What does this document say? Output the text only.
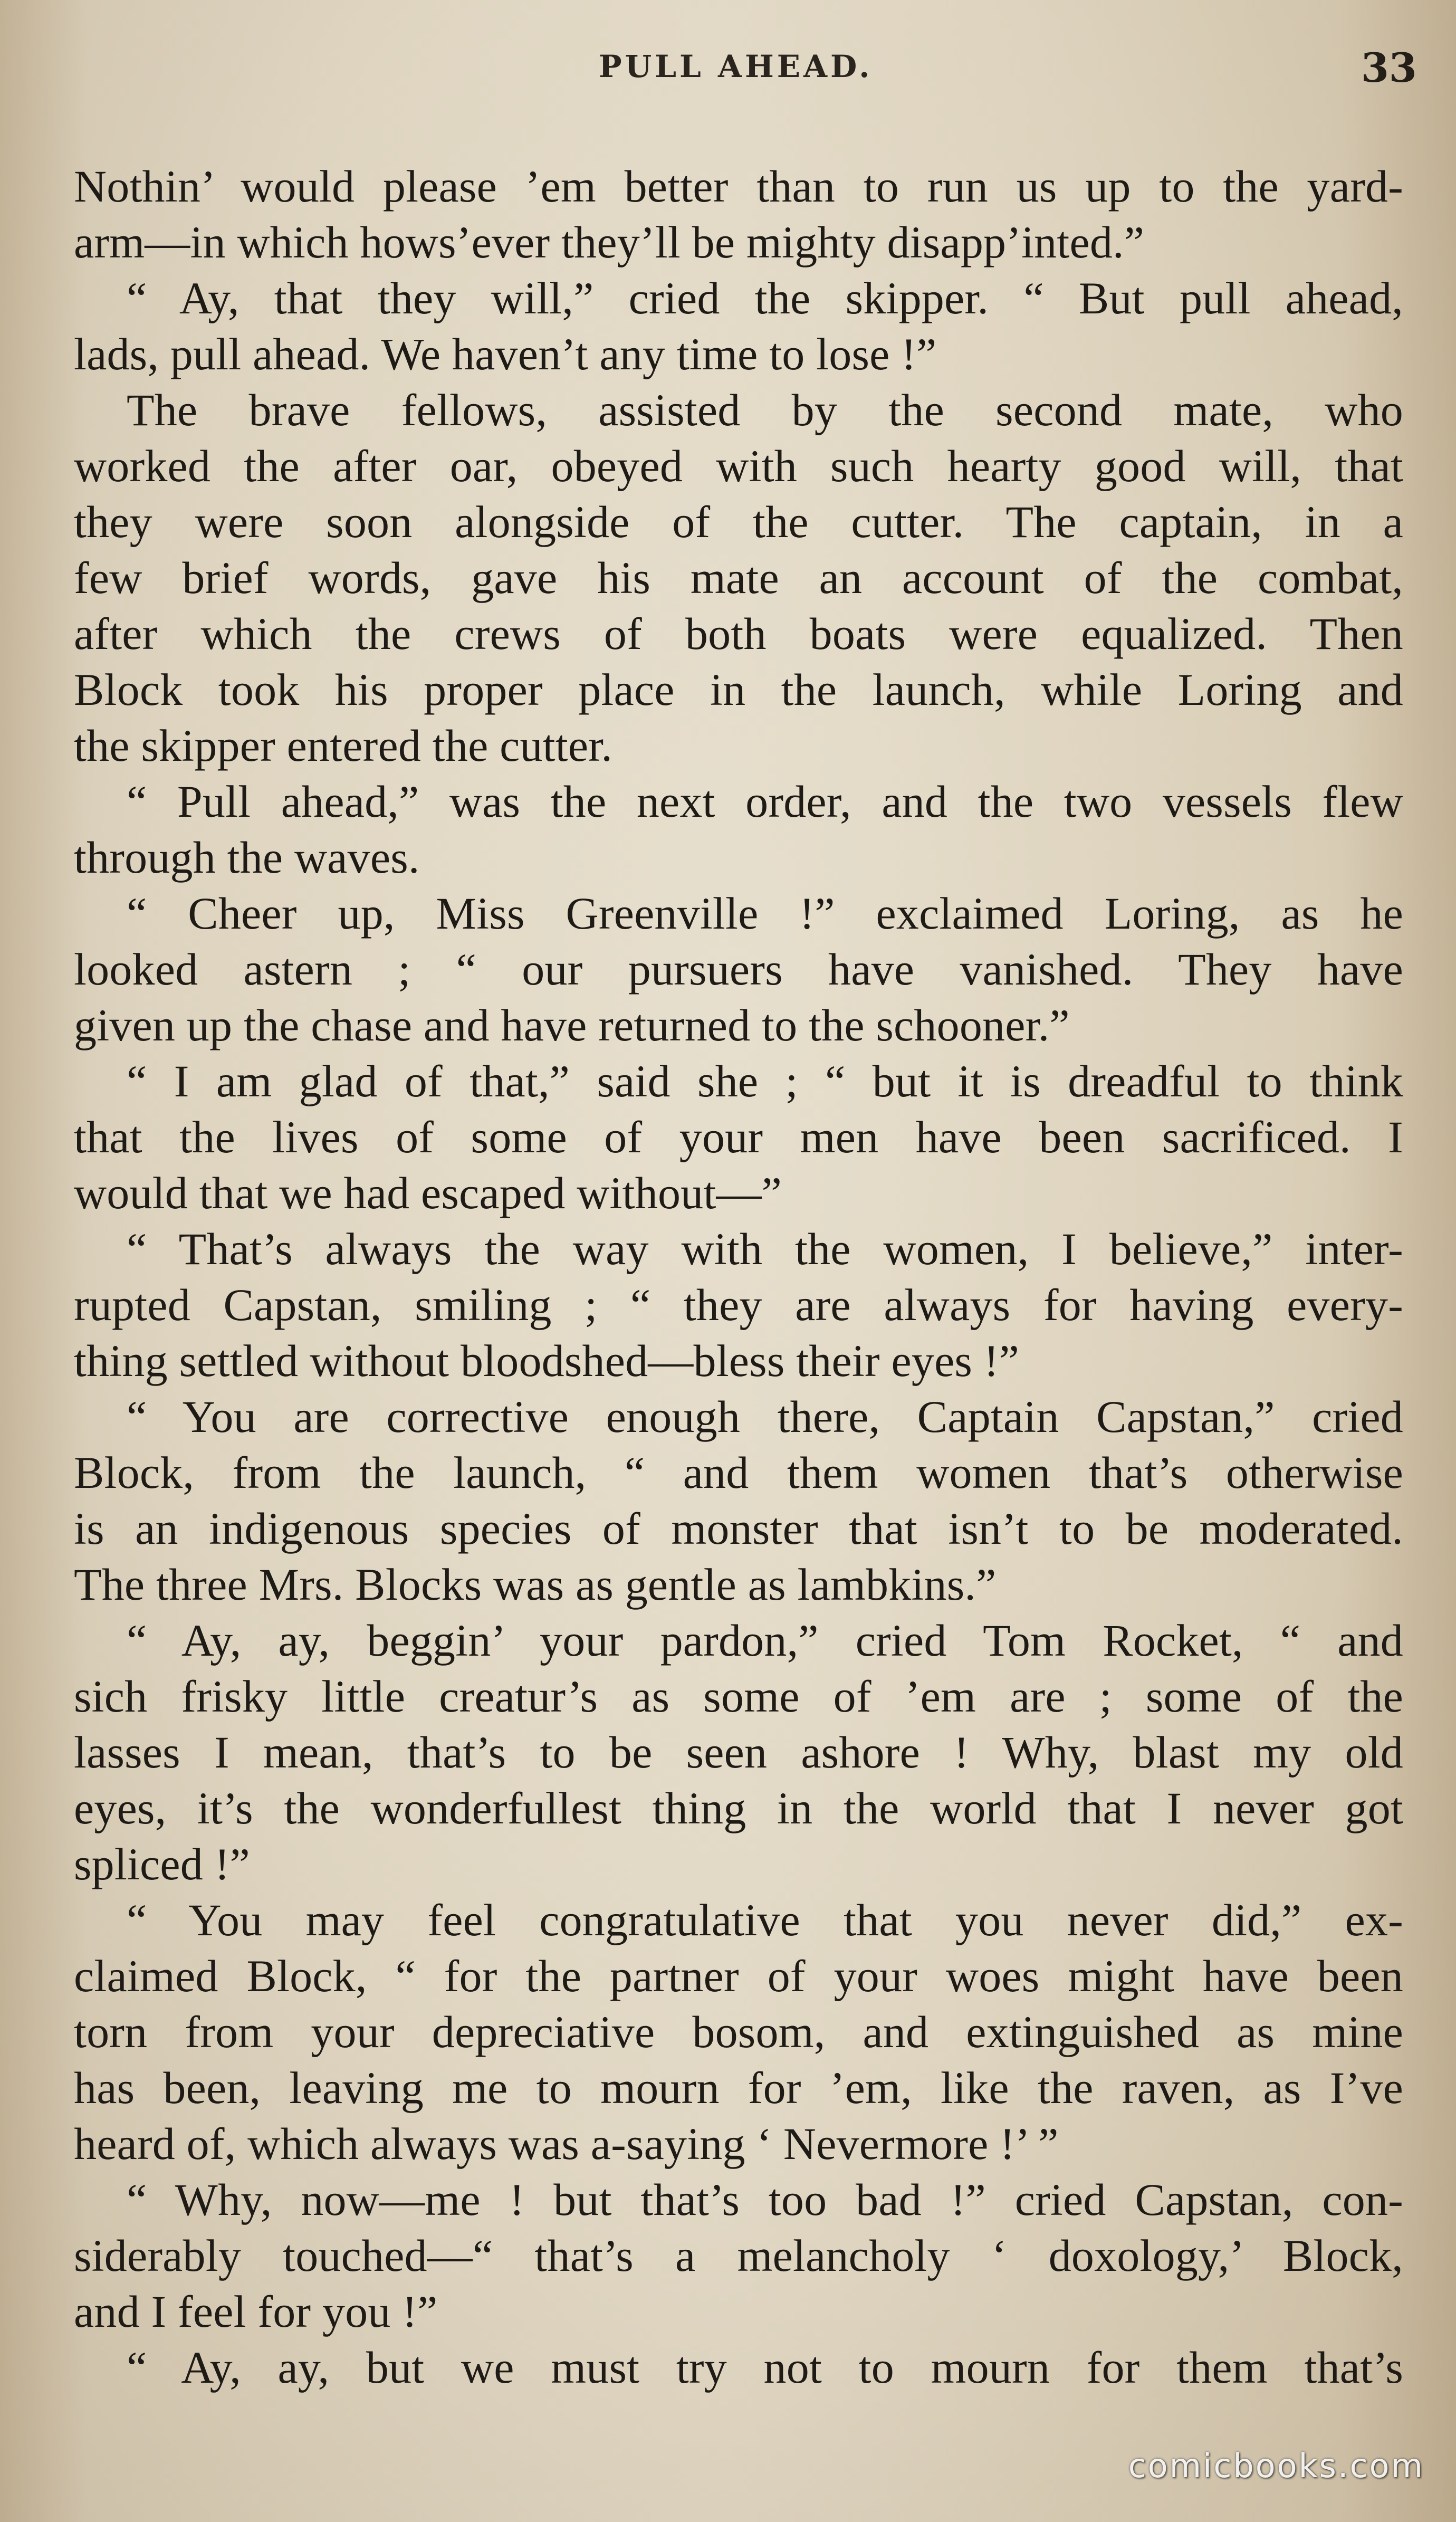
PULL AHEAD.	33
Nothin’ would please ’em better than to run us up to the yard-
arm—in which hows’ever they’ll be mighty disapp’inted.”
“ Ay, that they will,” cried the skipper. “ But pull ahead,
lads, pull ahead. We haven’t any time to lose !”
The brave fellows, assisted by the second mate, who
worked the after oar, obeyed with such hearty good will, that
they were soon alongside of the cutter. The captain, in a
few brief words, gave his mate an account of the combat,
after which the crews of both boats were equalized. Then
Block took his proper place in the launch, while Loring and
the skipper entered the cutter.
“ Pull ahead,” was the next order, and the two vessels flew
through the waves.
“ Cheer up, Miss Greenville !” exclaimed Loring, as he
looked astern ; “ our pursuers have vanished. They have
given up the chase and have returned to the schooner.”
“ I am glad of that,” said she ; “ but it is dreadful to think
that the lives of some of your men have been sacrificed. I
would that we had escaped without—”
“ That’s always the way with the women, I believe,” inter-
rupted Capstan, smiling ; “ they are always for having every-
thing settled without bloodshed—bless their eyes !”
“ You are corrective enough there, Captain Capstan,” cried
Block, from the launch, “ and them women that’s otherwise
is an indigenous species of monster that isn’t to be moderated.
The three Mrs. Blocks was as gentle as lambkins.”
“ Ay, ay, beggin’ your pardon,” cried Tom Rocket, “ and
sich frisky little creatur’s as some of ’em are ; some of the
lasses I mean, that’s to be seen ashore ! Why, blast my old
eyes, it’s the wonderfullest thing in the world that I never got
spliced !”
“ You may feel congratulative that you never did,” ex-
claimed Block, “ for the partner of your woes might have been
torn from your depreciative bosom, and extinguished as mine
has been, leaving me to mourn for ’em, like the raven, as I’ve
heard of, which always was a-saying ‘ Nevermore !’ ”
“ Why, now—me ! but that’s too bad !” cried Capstan, con-
siderably touched—“ that’s a melancholy ‘ doxology,’ Block,
and I feel for you !”
“ Ay, ay, but we must try not to mourn for them that’s
comicbooks.com
